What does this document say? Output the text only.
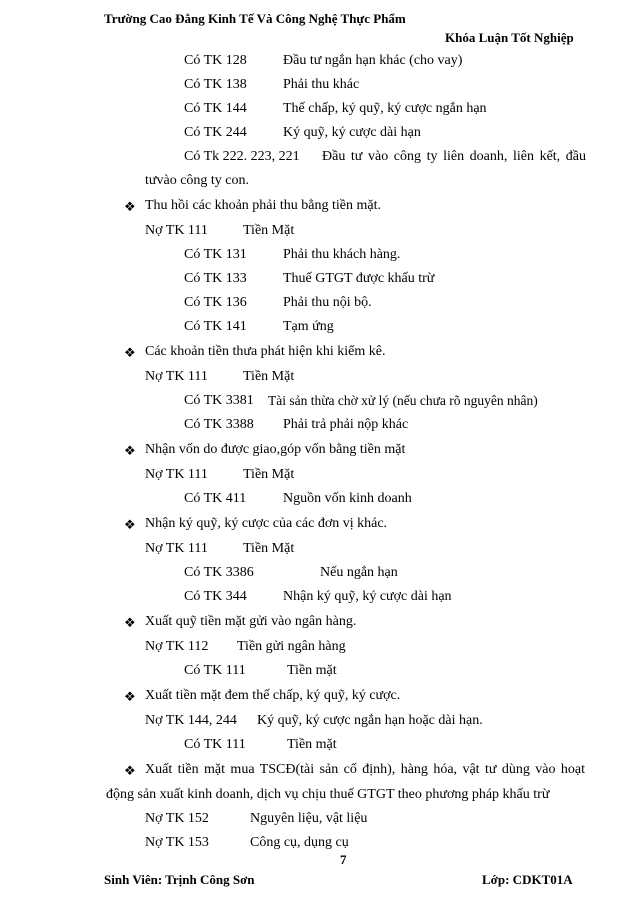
Trường Cao Đẳng Kinh Tế Và Công Nghệ Thực Phẩm
Khóa Luận Tốt Nghiệp
Có TK 128	Đầu tư ngắn hạn khác (cho vay)
Có TK 138	Phải thu khác
Có TK 144	Thế chấp, ký quỹ, ký cược ngắn hạn
Có TK 244	Ký quỹ, ký cược dài hạn
Có Tk 222. 223, 221 Đầu tư vào công ty liên doanh, liên kết, đầu
tưvào công ty con.
❖ Thu hồi các khoản phải thu bằng tiền mặt.
Nợ TK 111	Tiền Mặt
Có TK 131	Phải thu khách hàng.
Có TK 133	Thuế GTGT được khấu trừ
Có TK 136	Phải thu nội bộ.
Có TK 141	Tạm ứng
❖ Các khoản tiền thưa phát hiện khi kiểm kê.
Nợ TK 111	Tiền Mặt
Có TK 3381 Tài sản thừa chờ xử lý (nếu chưa rõ nguyên nhân)
Có TK 3388 Phải trả phải nộp khác
❖ Nhận vốn do được giao,góp vốn bằng tiền mặt
Nợ TK 111	Tiền Mặt
Có TK 411	Nguồn vốn kinh doanh
❖ Nhận ký quỹ, ký cược của các đơn vị khác.
Nợ TK 111	Tiền Mặt
Có TK 3386	Nếu ngắn hạn
Có TK 344	Nhận ký quỹ, ký cược dài hạn
❖ Xuất quỹ tiền mặt gửi vào ngân hàng.
Nợ TK 112 Tiền gửi ngân hàng
Có TK 111	Tiền mặt
❖ Xuất tiền mặt đem thế chấp, ký quỹ, ký cược.
Nợ TK 144, 244 Ký quỹ, ký cược ngắn hạn hoặc dài hạn.
Có TK 111	Tiền mặt
❖ Xuất tiền mặt mua TSCĐ(tài sản cố định), hàng hóa, vật tư dùng vào hoạt
động sản xuất kinh doanh, dịch vụ chịu thuế GTGT theo phương pháp khấu trừ
Nợ TK 152	Nguyên liệu, vật liệu
Nợ TK 153	Công cụ, dụng cụ
7
Sinh Viên: Trịnh Công Sơn	Lớp: CDKT01A
